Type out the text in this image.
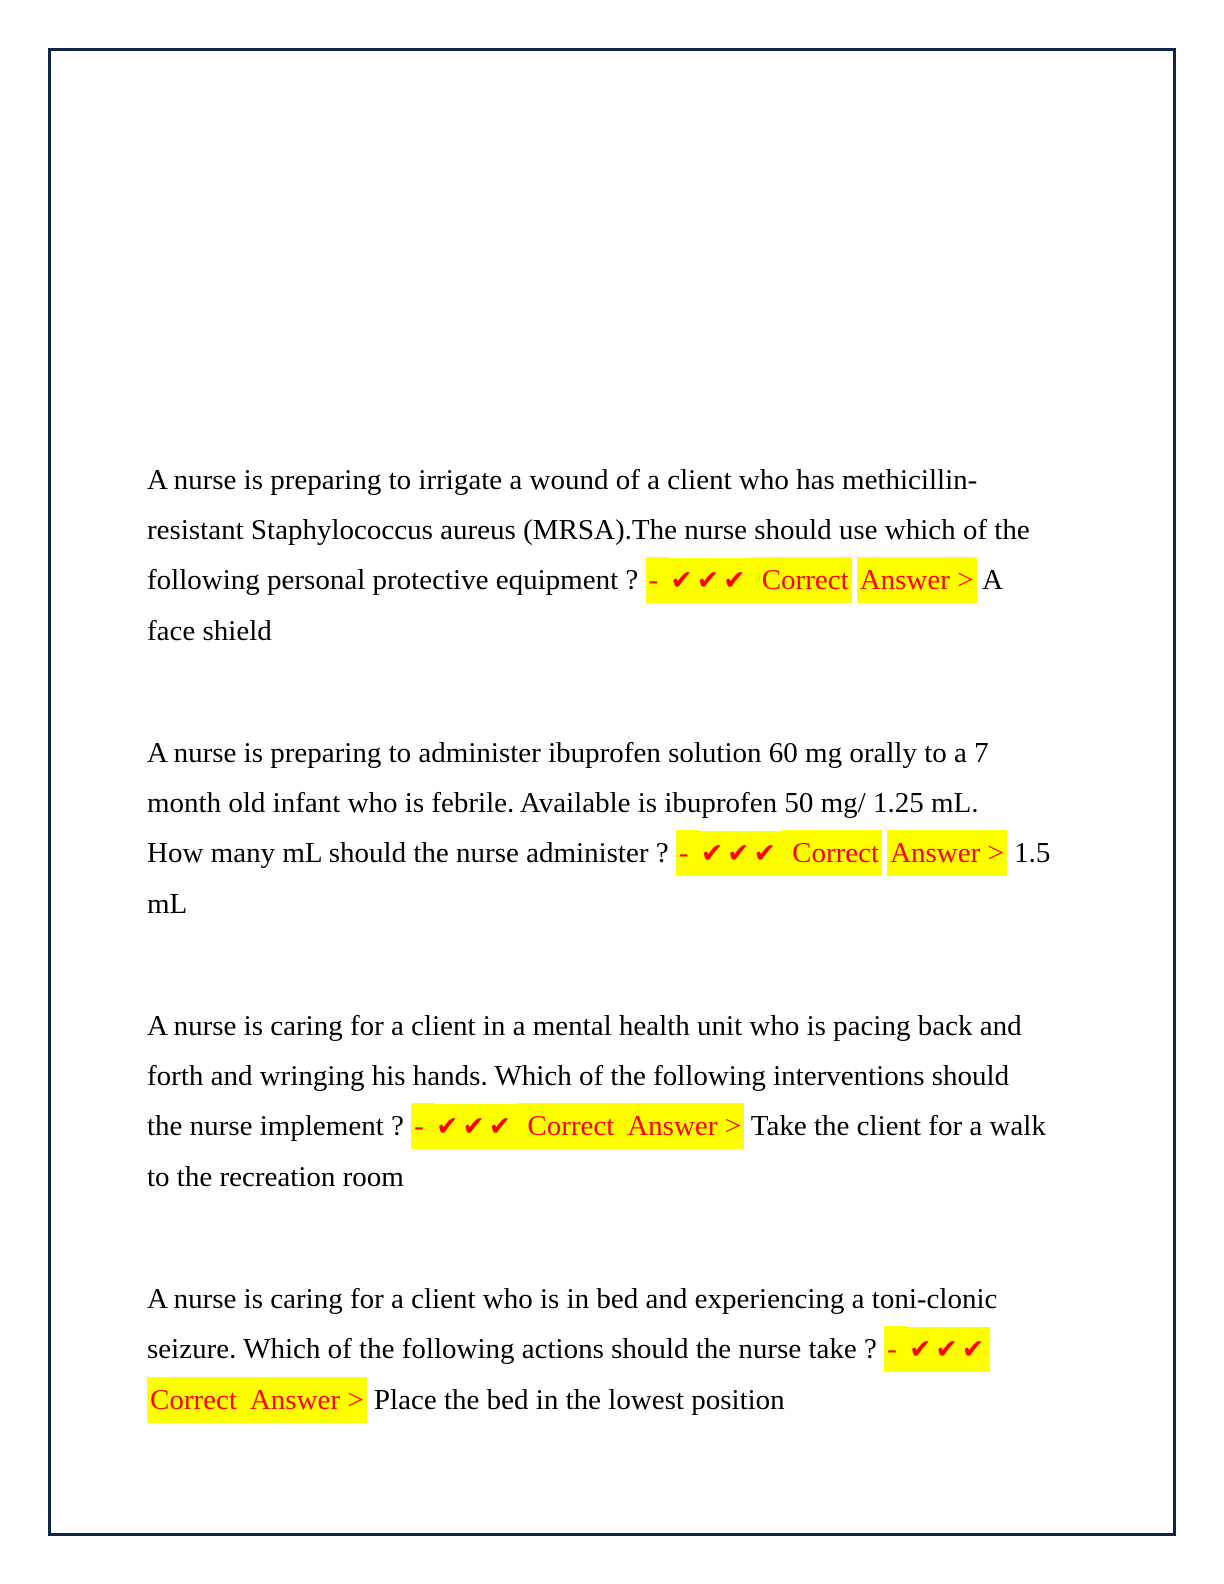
A nurse is preparing to irrigate a wound of a client who has methicillin-
resistant Staphylococcus aureus (MRSA).The nurse should use which of the
following personal protective equipment ? - ✔✔✔ Correct Answer > A
face shield

A nurse is preparing to administer ibuprofen solution 60 mg orally to a 7
month old infant who is febrile. Available is ibuprofen 50 mg/ 1.25 mL.
How many mL should the nurse administer ? - ✔✔✔ Correct Answer > 1.5
mL

A nurse is caring for a client in a mental health unit who is pacing back and
forth and wringing his hands. Which of the following interventions should
the nurse implement ? - ✔✔✔ Correct  Answer > Take the client for a walk
to the recreation room

A nurse is caring for a client who is in bed and experiencing a toni-clonic
seizure. Which of the following actions should the nurse take ? - ✔✔✔
Correct  Answer > Place the bed in the lowest position
